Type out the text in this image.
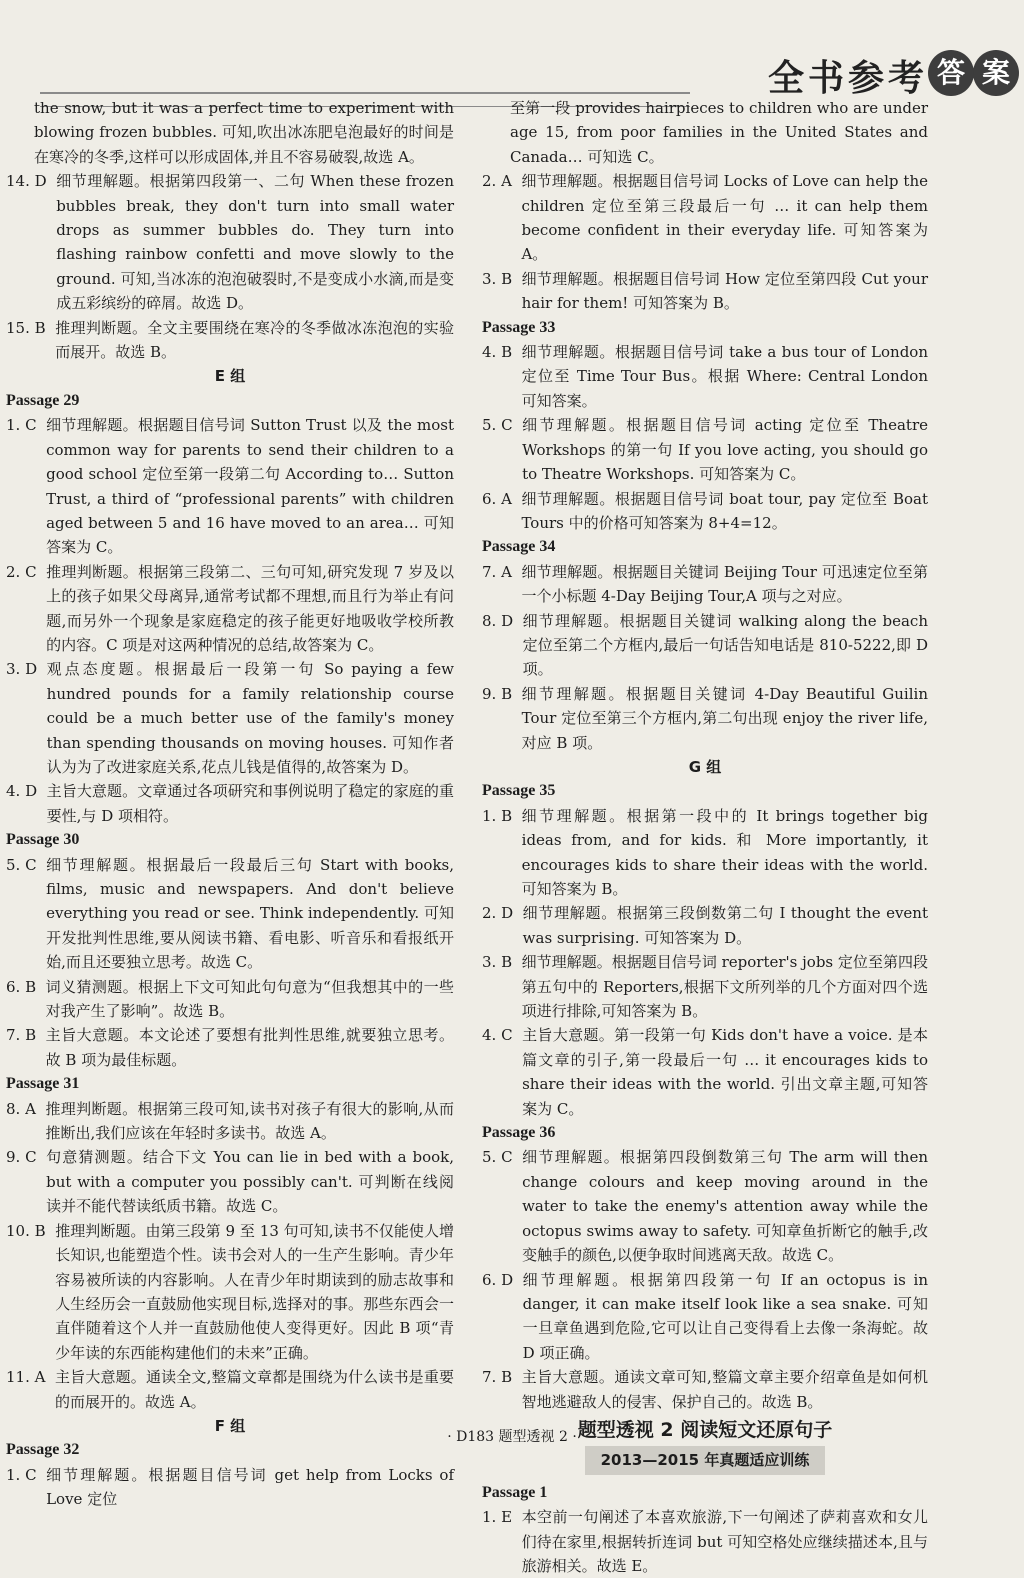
全书参考 答 案

the snow, but it was a perfect time to experiment with blowing frozen bubbles. 可知,吹出冰冻肥皂泡最好的时间是在寒冷的冬季,这样可以形成固体,并且不容易破裂,故选 A。

14. D 细节理解题。根据第四段第一、二句 When these frozen bubbles break, they don't turn into small water drops as summer bubbles do. They turn into flashing rainbow confetti and move slowly to the ground. 可知,当冰冻的泡泡破裂时,不是变成小水滴,而是变成五彩缤纷的碎屑。故选 D。
15. B 推理判断题。全文主要围绕在寒冷的冬季做冰冻泡泡的实验而展开。故选 B。

E 组

Passage 29

1. C 细节理解题。根据题目信号词 Sutton Trust 以及 the most common way for parents to send their children to a good school 定位至第一段第二句 According to… Sutton Trust, a third of “professional parents” with children aged between 5 and 16 have moved to an area… 可知答案为 C。
2. C 推理判断题。根据第三段第二、三句可知,研究发现 7 岁及以上的孩子如果父母离异,通常考试都不理想,而且行为举止有问题,而另外一个现象是家庭稳定的孩子能更好地吸收学校所教的内容。C 项是对这两种情况的总结,故答案为 C。
3. D 观点态度题。根据最后一段第一句 So paying a few hundred pounds for a family relationship course could be a much better use of the family's money than spending thousands on moving houses. 可知作者认为为了改进家庭关系,花点儿钱是值得的,故答案为 D。
4. D 主旨大意题。文章通过各项研究和事例说明了稳定的家庭的重要性,与 D 项相符。

Passage 30

5. C 细节理解题。根据最后一段最后三句 Start with books, films, music and newspapers. And don't believe everything you read or see. Think independently. 可知开发批判性思维,要从阅读书籍、看电影、听音乐和看报纸开始,而且还要独立思考。故选 C。
6. B 词义猜测题。根据上下文可知此句句意为“但我想其中的一些对我产生了影响”。故选 B。
7. B 主旨大意题。本文论述了要想有批判性思维,就要独立思考。故 B 项为最佳标题。

Passage 31

8. A 推理判断题。根据第三段可知,读书对孩子有很大的影响,从而推断出,我们应该在年轻时多读书。故选 A。
9. C 句意猜测题。结合下文 You can lie in bed with a book, but with a computer you possibly can't. 可判断在线阅读并不能代替读纸质书籍。故选 C。
10. B 推理判断题。由第三段第 9 至 13 句可知,读书不仅能使人增长知识,也能塑造个性。读书会对人的一生产生影响。青少年容易被所读的内容影响。人在青少年时期读到的励志故事和人生经历会一直鼓励他实现目标,选择对的事。那些东西会一直伴随着这个人并一直鼓励他使人变得更好。因此 B 项“青少年读的东西能构建他们的未来”正确。
11. A 主旨大意题。通读全文,整篇文章都是围绕为什么读书是重要的而展开的。故选 A。

F 组

Passage 32

1. C 细节理解题。根据题目信号词 get help from Locks of Love 定位

至第一段 provides hairpieces to children who are under age 15, from poor families in the United States and Canada… 可知选 C。

2. A 细节理解题。根据题目信号词 Locks of Love can help the children 定位至第三段最后一句 … it can help them become confident in their everyday life. 可知答案为 A。
3. B 细节理解题。根据题目信号词 How 定位至第四段 Cut your hair for them! 可知答案为 B。

Passage 33

4. B 细节理解题。根据题目信号词 take a bus tour of London 定位至 Time Tour Bus。根据 Where: Central London 可知答案。
5. C 细节理解题。根据题目信号词 acting 定位至 Theatre Workshops 的第一句 If you love acting, you should go to Theatre Workshops. 可知答案为 C。
6. A 细节理解题。根据题目信号词 boat tour, pay 定位至 Boat Tours 中的价格可知答案为 8+4=12。

Passage 34

7. A 细节理解题。根据题目关键词 Beijing Tour 可迅速定位至第一个小标题 4-Day Beijing Tour,A 项与之对应。
8. D 细节理解题。根据题目关键词 walking along the beach 定位至第二个方框内,最后一句话告知电话是 810-5222,即 D 项。
9. B 细节理解题。根据题目关键词 4-Day Beautiful Guilin Tour 定位至第三个方框内,第二句出现 enjoy the river life,对应 B 项。

G 组

Passage 35

1. B 细节理解题。根据第一段中的 It brings together big ideas from, and for kids. 和 More importantly, it encourages kids to share their ideas with the world. 可知答案为 B。
2. D 细节理解题。根据第三段倒数第二句 I thought the event was surprising. 可知答案为 D。
3. B 细节理解题。根据题目信号词 reporter's jobs 定位至第四段第五句中的 Reporters,根据下文所列举的几个方面对四个选项进行排除,可知答案为 B。
4. C 主旨大意题。第一段第一句 Kids don't have a voice. 是本篇文章的引子,第一段最后一句 … it encourages kids to share their ideas with the world. 引出文章主题,可知答案为 C。

Passage 36

5. C 细节理解题。根据第四段倒数第三句 The arm will then change colours and keep moving around in the water to take the enemy's attention away while the octopus swims away to safety. 可知章鱼折断它的触手,改变触手的颜色,以便争取时间逃离天敌。故选 C。
6. D 细节理解题。根据第四段第一句 If an octopus is in danger, it can make itself look like a sea snake. 可知一旦章鱼遇到危险,它可以让自己变得看上去像一条海蛇。故 D 项正确。
7. B 主旨大意题。通读文章可知,整篇文章主要介绍章鱼是如何机智地逃避敌人的侵害、保护自己的。故选 B。

题型透视 2 阅读短文还原句子

2013—2015 年真题适应训练

Passage 1

1. E 本空前一句阐述了本喜欢旅游,下一句阐述了萨莉喜欢和女儿们待在家里,根据转折连词 but 可知空格处应继续描述本,且与旅游相关。故选 E。
· D183 题型透视 2 ·
